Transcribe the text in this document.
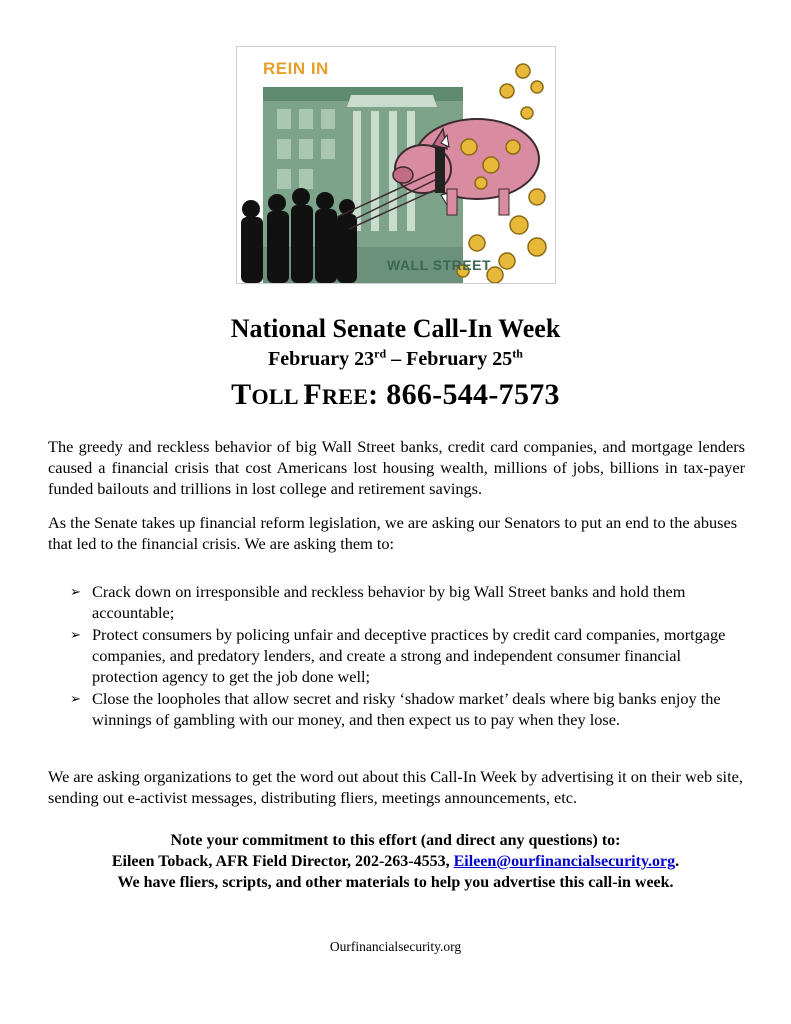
REIN IN
WALL STREET
National Senate Call-In Week
February 23rd – February 25th
TOLL FREE: 866-544-7573

The greedy and reckless behavior of big Wall Street banks, credit card companies, and mortgage lenders caused a financial crisis that cost Americans lost housing wealth, millions of jobs, billions in tax-payer funded bailouts and trillions in lost college and retirement savings.

As the Senate takes up financial reform legislation, we are asking our Senators to put an end to the abuses that led to the financial crisis. We are asking them to:

➢ Crack down on irresponsible and reckless behavior by big Wall Street banks and hold them accountable;
➢ Protect consumers by policing unfair and deceptive practices by credit card companies, mortgage companies, and predatory lenders, and create a strong and independent consumer financial protection agency to get the job done well;
➢ Close the loopholes that allow secret and risky ‘shadow market’ deals where big banks enjoy the winnings of gambling with our money, and then expect us to pay when they lose.

We are asking organizations to get the word out about this Call-In Week by advertising it on their web site, sending out e-activist messages, distributing fliers, meetings announcements, etc.

Note your commitment to this effort (and direct any questions) to:
Eileen Toback, AFR Field Director, 202-263-4553, Eileen@ourfinancialsecurity.org.
We have fliers, scripts, and other materials to help you advertise this call-in week.
Ourfinancialsecurity.org
